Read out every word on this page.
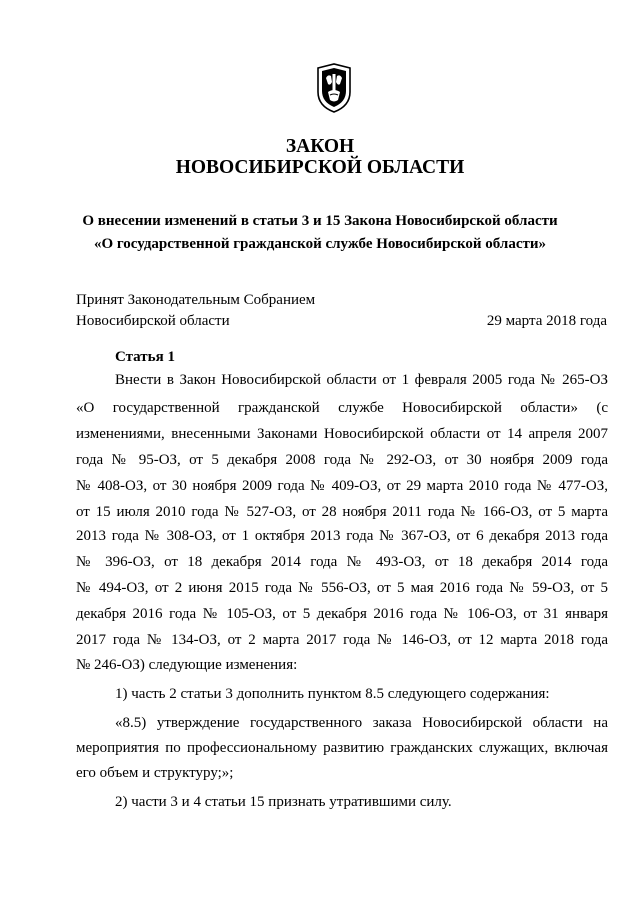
ЗАКОН
НОВОСИБИРСКОЙ ОБЛАСТИ
О внесении изменений в статьи 3 и 15 Закона Новосибирской области
«О государственной гражданской службе Новосибирской области»
Принят Законодательным Собранием
Новосибирской области	29 марта 2018 года
Статья 1
Внести в Закон Новосибирской области от 1 февраля 2005 года № 265-ОЗ
«О государственной гражданской службе Новосибирской области» (с
изменениями, внесенными Законами Новосибирской области от 14 апреля 2007
года № 95-ОЗ, от 5 декабря 2008 года № 292-ОЗ, от 30 ноября 2009 года
№ 408-ОЗ, от 30 ноября 2009 года № 409-ОЗ, от 29 марта 2010 года № 477-ОЗ,
от 15 июля 2010 года № 527-ОЗ, от 28 ноября 2011 года № 166-ОЗ, от 5 марта
2013 года № 308-ОЗ, от 1 октября 2013 года № 367-ОЗ, от 6 декабря 2013 года
№ 396-ОЗ, от 18 декабря 2014 года № 493-ОЗ, от 18 декабря 2014 года
№ 494-ОЗ, от 2 июня 2015 года № 556-ОЗ, от 5 мая 2016 года № 59-ОЗ, от 5
декабря 2016 года № 105-ОЗ, от 5 декабря 2016 года № 106-ОЗ, от 31 января
2017 года № 134-ОЗ, от 2 марта 2017 года № 146-ОЗ, от 12 марта 2018 года
№ 246-ОЗ) следующие изменения:
1) часть 2 статьи 3 дополнить пунктом 8.5 следующего содержания:
«8.5) утверждение государственного заказа Новосибирской области на
мероприятия по профессиональному развитию гражданских служащих, включая
его объем и структуру;»;
2) части 3 и 4 статьи 15 признать утратившими силу.
